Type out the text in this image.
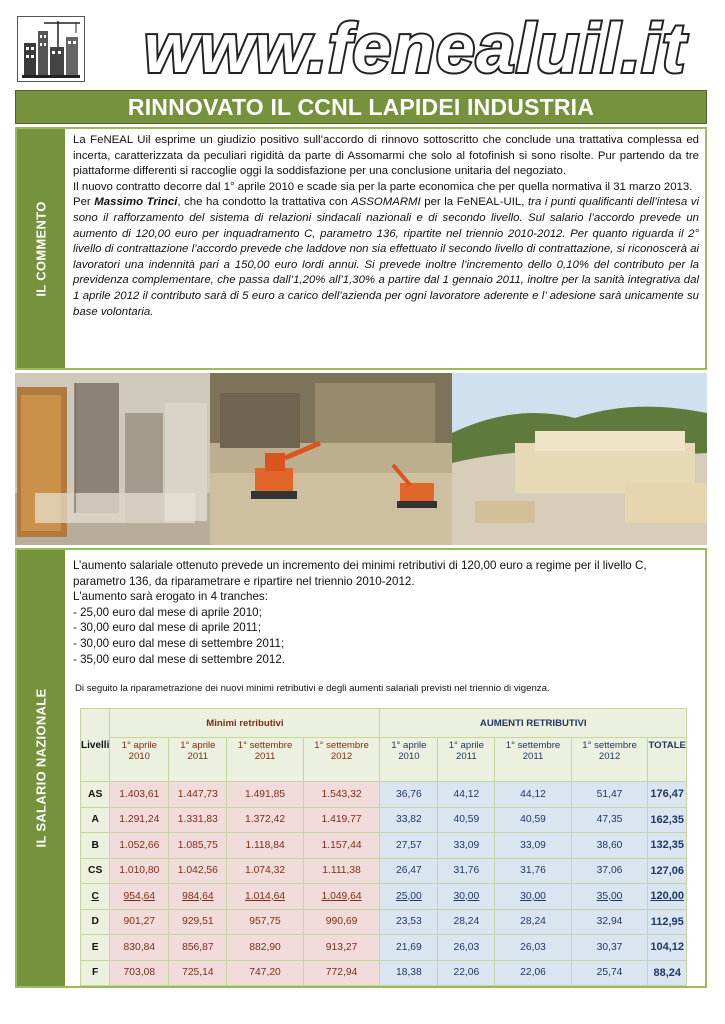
www.fenealuil.it
RINNOVATO IL CCNL LAPIDEI INDUSTRIA
IL COMMENTO

La FeNEAL Uil esprime un giudizio positivo sull’accordo di rinnovo sottoscritto che conclude una trattativa complessa ed incerta, caratterizzata da peculiari rigidità da parte di Assomarmi che solo al fotofinish si sono risolte. Pur partendo da tre piattaforme differenti si raccoglie oggi la soddisfazione per una conclusione unitaria del negoziato.

Il nuovo contratto decorre dal 1° aprile 2010 e scade sia per la parte economica che per quella normativa il 31 marzo 2013.

Per Massimo Trinci, che ha condotto la trattativa con ASSOMARMI per la FeNEAL-UIL, tra i punti qualificanti dell’intesa vi sono il rafforzamento del sistema di relazioni sindacali nazionali e di secondo livello. Sul salario l’accordo prevede un aumento di 120,00 euro per inquadramento C, parametro 136, ripartite nel triennio 2010-2012. Per quanto riguarda il 2° livello di contrattazione l’accordo prevede che laddove non sia effettuato il secondo livello di contrattazione, si riconoscerà ai lavoratori una indennità pari a 150,00 euro lordi annui. Si prevede inoltre l’incremento dello 0,10% del contributo per la previdenza complementare, che passa dall’1,20% all’1,30% a partire dal 1 gennaio 2011, inoltre per la sanità integrativa dal 1 aprile 2012 il contributo sarà di 5 euro a carico dell’azienda per ogni lavoratore aderente e l’ adesione sarà unicamente su base volontaria.

IL SALARIO NAZIONALE
L’aumento salariale ottenuto prevede un incremento dei minimi retributivi di 120,00 euro a regime per il livello C, parametro 136, da riparametrare e ripartire nel triennio 2010-2012.
L'aumento sarà erogato in 4 tranches:
- 25,00 euro dal mese di aprile 2010;
- 30,00 euro dal mese di aprile 2011;
- 30,00 euro dal mese di settembre 2011;
- 35,00 euro dal mese di settembre 2012.
Di seguito la riparametrazione dei nuovi minimi retributivi e degli aumenti salariali previsti nel triennio di vigenza.
Livelli	Minimi retributivi				AUMENTI RETRIBUTIVI				
	1° aprile 2010	1° aprile 2011	1° settembre 2011	1° settembre 2012	1° aprile 2010	1° aprile 2011	1° settembre 2011	1° settembre 2012	TOTALE
AS	1.403,61	1.447,73	1.491,85	1.543,32	36,76	44,12	44,12	51,47	176,47
A	1.291,24	1.331,83	1.372,42	1.419,77	33,82	40,59	40,59	47,35	162,35
B	1.052,66	1.085,75	1.118,84	1.157,44	27,57	33,09	33,09	38,60	132,35
CS	1.010,80	1.042,56	1.074,32	1.111,38	26,47	31,76	31,76	37,06	127,06
C	954,64	984,64	1.014,64	1.049,64	25,00	30,00	30,00	35,00	120,00
D	901,27	929,51	957,75	990,69	23,53	28,24	28,24	32,94	112,95
E	830,84	856,87	882,90	913,27	21,69	26,03	26,03	30,37	104,12
F	703,08	725,14	747,20	772,94	18,38	22,06	22,06	25,74	88,24
